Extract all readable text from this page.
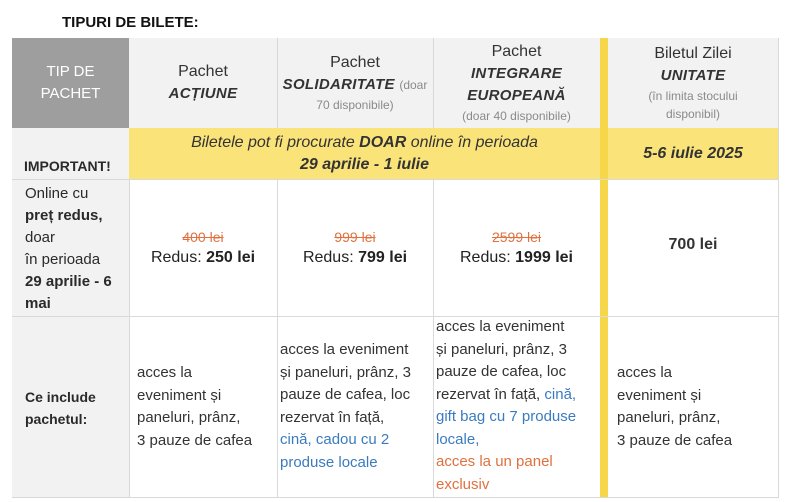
TIPURI DE BILETE:
TIP DE
PACHET
Pachet
ACȚIUNE
Pachet
SOLIDARITATE (doar
70 disponibile)
Pachet
INTEGRARE
EUROPEANĂ
(doar 40 disponibile)
Biletul Zilei
UNITATE
(în limita stocului
disponibil)
IMPORTANT!
Biletele pot fi procurate DOAR online în perioada
29 aprilie - 1 iulie
5-6 iulie 2025
Online cu
preț redus,
doar
în perioada
29 aprilie - 6
mai
400 lei
Redus: 250 lei
999 lei
Redus: 799 lei
2599 lei
Redus: 1999 lei
700 lei
Ce include
pachetul:
acces la
eveniment și
paneluri, prânz,
3 pauze de cafea
acces la eveniment
și paneluri, prânz, 3
pauze de cafea, loc
rezervat în față,
cină, cadou cu 2
produse locale
acces la eveniment
și paneluri, prânz, 3
pauze de cafea, loc
rezervat în față, cină,
gift bag cu 7 produse
locale,
acces la un panel
exclusiv
acces la
eveniment și
paneluri, prânz,
3 pauze de cafea
